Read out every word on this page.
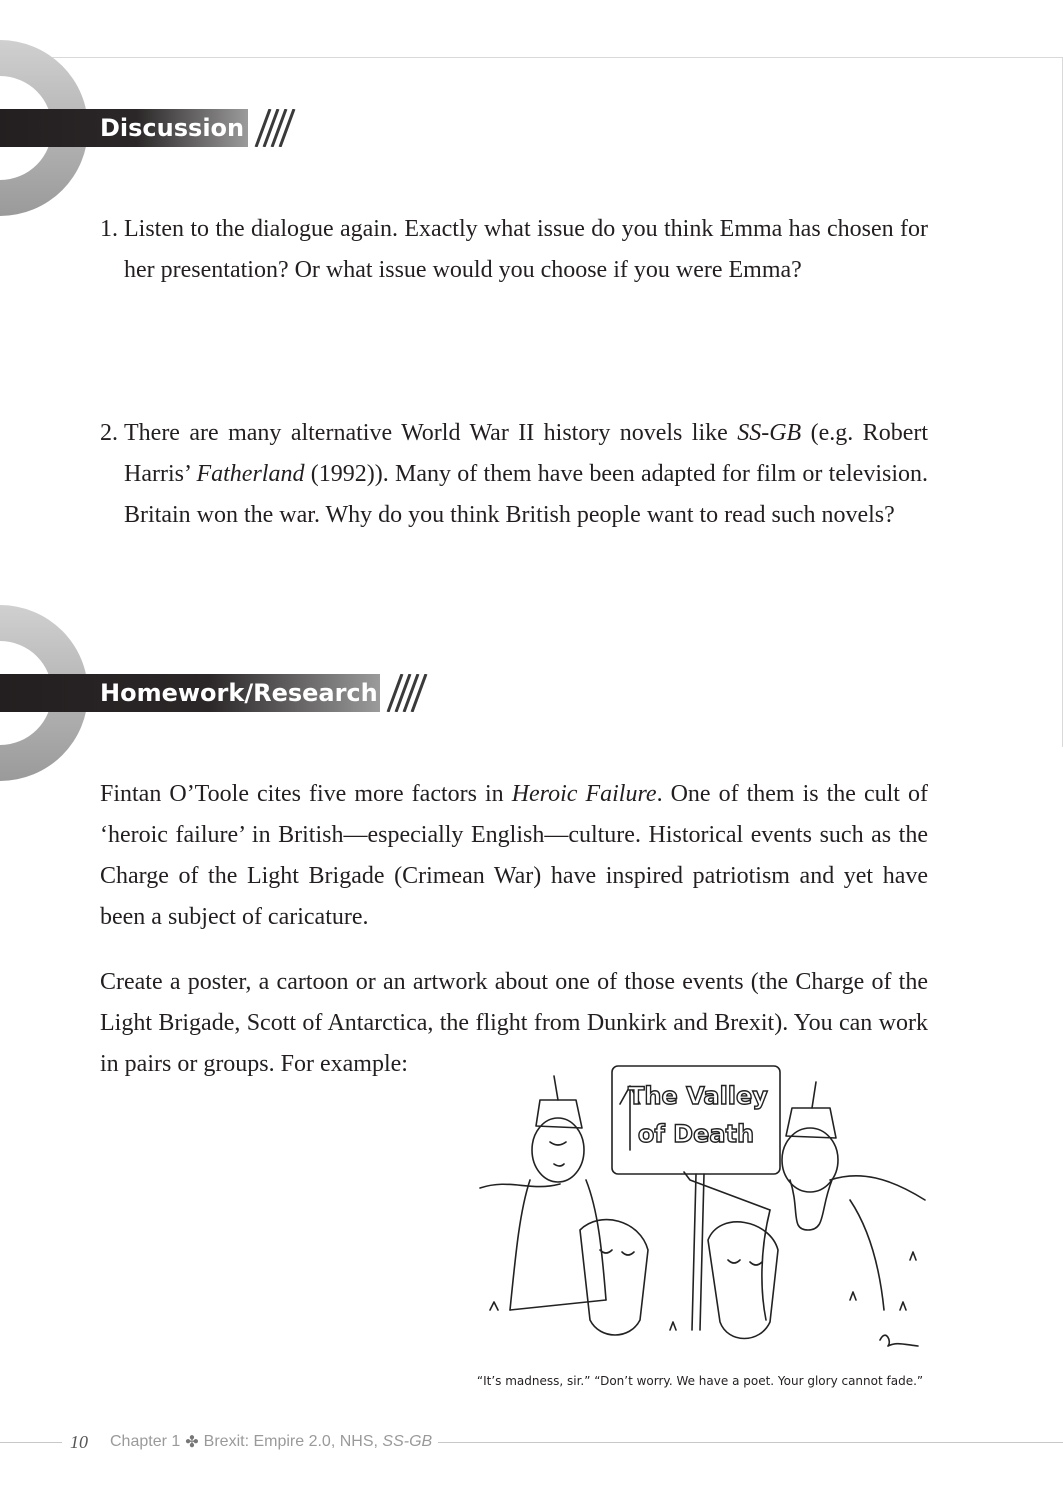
Discussion
1. Listen to the dialogue again. Exactly what issue do you think Emma has chosen for her presentation? Or what issue would you choose if you were Emma?

2. There are many alternative World War II history novels like SS-GB (e.g. Robert Harris’ Fatherland (1992)). Many of them have been adapted for film or television. Britain won the war. Why do you think British people want to read such novels?

Homework/Research

Fintan O’Toole cites five more factors in Heroic Failure. One of them is the cult of ‘heroic failure’ in British—especially English—culture. Historical events such as the Charge of the Light Brigade (Crimean War) have inspired patriotism and yet have been a subject of caricature.

Create a poster, a cartoon or an artwork about one of those events (the Charge of the Light Brigade, Scott of Antarctica, the flight from Dunkirk and Brexit). You can work in pairs or groups. For example:

The Valley
of Death
“It’s madness, sir.” “Don’t worry. We have a poet. Your glory cannot fade.”
10 Chapter 1 ✤ Brexit: Empire 2.0, NHS, SS-GB
